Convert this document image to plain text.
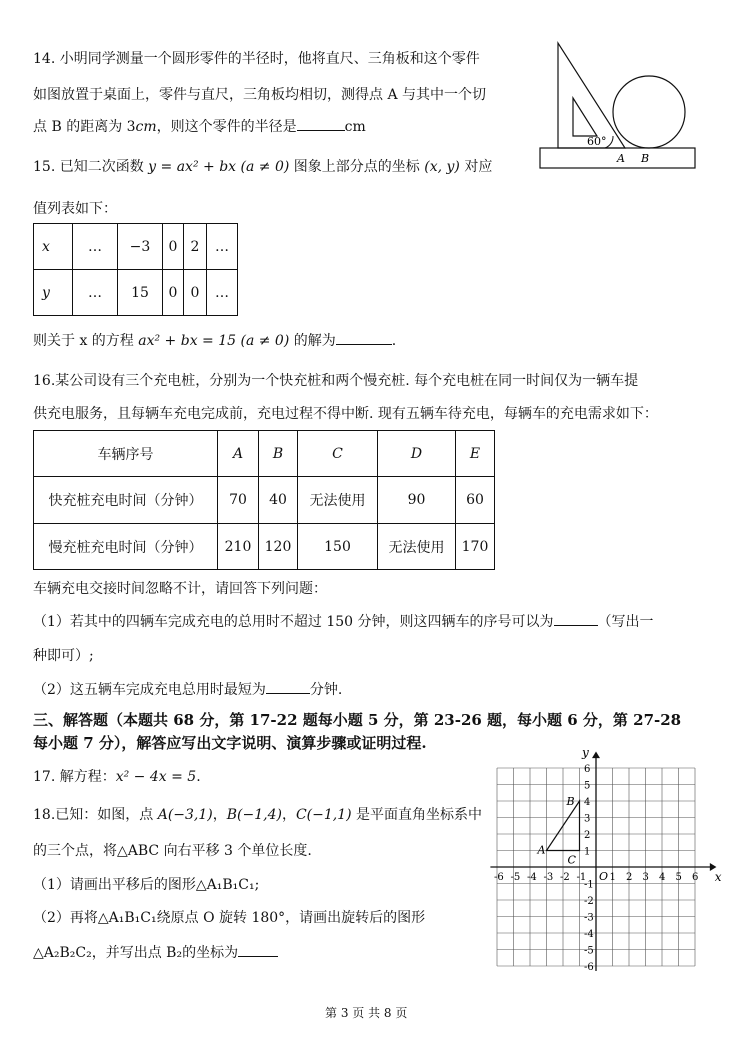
14. 小明同学测量一个圆形零件的半径时，他将直尺、三角板和这个零件
如图放置于桌面上，零件与直尺，三角板均相切，测得点 A 与其中一个切
点 B 的距离为 3cm，则这个零件的半径是	cm
60°
A B
15. 已知二次函数 y = ax² + bx (a ≠ 0) 图象上部分点的坐标 (x, y) 对应
值列表如下：
x	…	−3	0	2	…
y	…	15	0	0	…
则关于 x 的方程 ax² + bx = 15 (a ≠ 0) 的解为	.
16.某公司设有三个充电桩，分别为一个快充桩和两个慢充桩. 每个充电桩在同一时间仅为一辆车提
供充电服务，且每辆车充电完成前，充电过程不得中断. 现有五辆车待充电，每辆车的充电需求如下：
车辆序号	A	B	C	D	E
快充桩充电时间（分钟）	70	40	无法使用	90	60
慢充桩充电时间（分钟）	210	120	150	无法使用	170
车辆充电交接时间忽略不计，请回答下列问题：
（1）若其中的四辆车完成充电的总用时不超过 150 分钟，则这四辆车的序号可以为	（写出一
种即可）;
（2）这五辆车完成充电总用时最短为	分钟.
三、解答题（本题共 68 分，第 17-22 题每小题 5 分，第 23-26 题，每小题 6 分，第 27-28
每小题 7 分），解答应写出文字说明、演算步骤或证明过程.
17. 解方程：x² − 4x = 5.
18.已知：如图，点 A(−3,1)，B(−1,4)，C(−1,1) 是平面直角坐标系中
的三个点，将△ABC 向右平移 3 个单位长度.
（1）请画出平移后的图形△A₁B₁C₁;
（2）再将△A₁B₁C₁绕原点 O 旋转 180°，请画出旋转后的图形
△A₂B₂C₂，并写出点 B₂的坐标为
x
y
O
-6 -5 -4 -3 -2 -1 1 2 3 4 5 6
6
5
4
3
2
1
-1
-2
-3
-4
-5
-6
A
B
C
第 3 页 共 8 页
